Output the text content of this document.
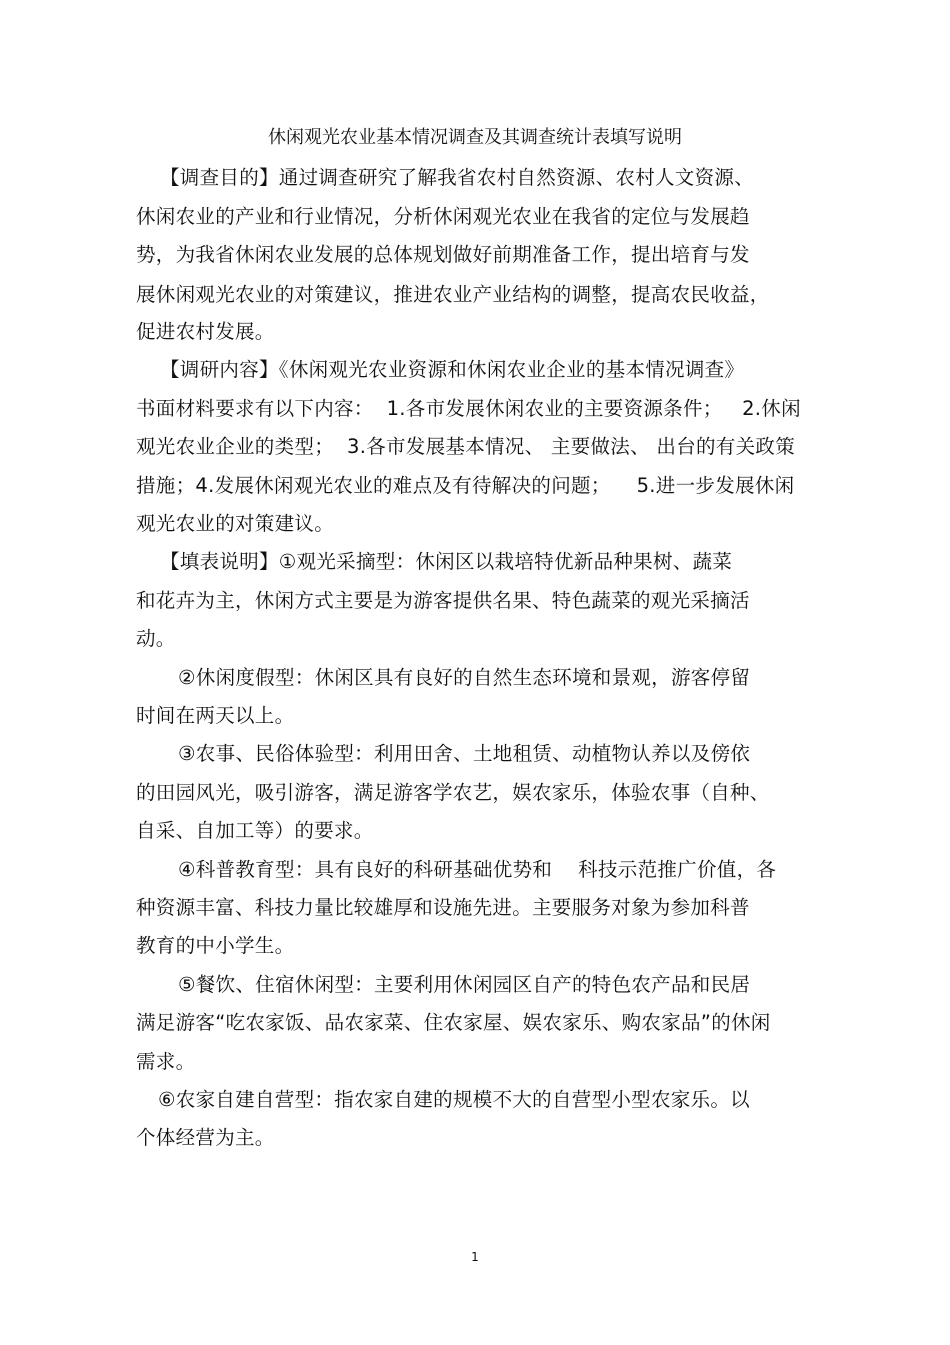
休闲观光农业基本情况调查及其调查统计表填写说明
【调查目的】通过调查研究了解我省农村自然资源、农村人文资源、
休闲农业的产业和行业情况，分析休闲观光农业在我省的定位与发展趋
势，为我省休闲农业发展的总体规划做好前期准备工作，提出培育与发
展休闲观光农业的对策建议，推进农业产业结构的调整，提高农民收益，
促进农村发展。
【调研内容】《休闲观光农业资源和休闲农业企业的基本情况调查》
书面材料要求有以下内容：  1.各市发展休闲农业的主要资源条件；   2.休闲
观光农业企业的类型；  3.各市发展基本情况、 主要做法、 出台的有关政策
措施；4.发展休闲观光农业的难点及有待解决的问题；    5.进一步发展休闲
观光农业的对策建议。
【填表说明】①观光采摘型：休闲区以栽培特优新品种果树、蔬菜
和花卉为主，休闲方式主要是为游客提供名果、特色蔬菜的观光采摘活
动。
②休闲度假型：休闲区具有良好的自然生态环境和景观，游客停留
时间在两天以上。
③农事、民俗体验型：利用田舍、土地租赁、动植物认养以及傍依
的田园风光，吸引游客，满足游客学农艺，娱农家乐，体验农事（自种、
自采、自加工等）的要求。
④科普教育型：具有良好的科研基础优势和    科技示范推广价值，各
种资源丰富、科技力量比较雄厚和设施先进。主要服务对象为参加科普
教育的中小学生。
⑤餐饮、住宿休闲型：主要利用休闲园区自产的特色农产品和民居
满足游客“吃农家饭、品农家菜、住农家屋、娱农家乐、购农家品”的休闲
需求。
⑥农家自建自营型：指农家自建的规模不大的自营型小型农家乐。以
个体经营为主。
1
